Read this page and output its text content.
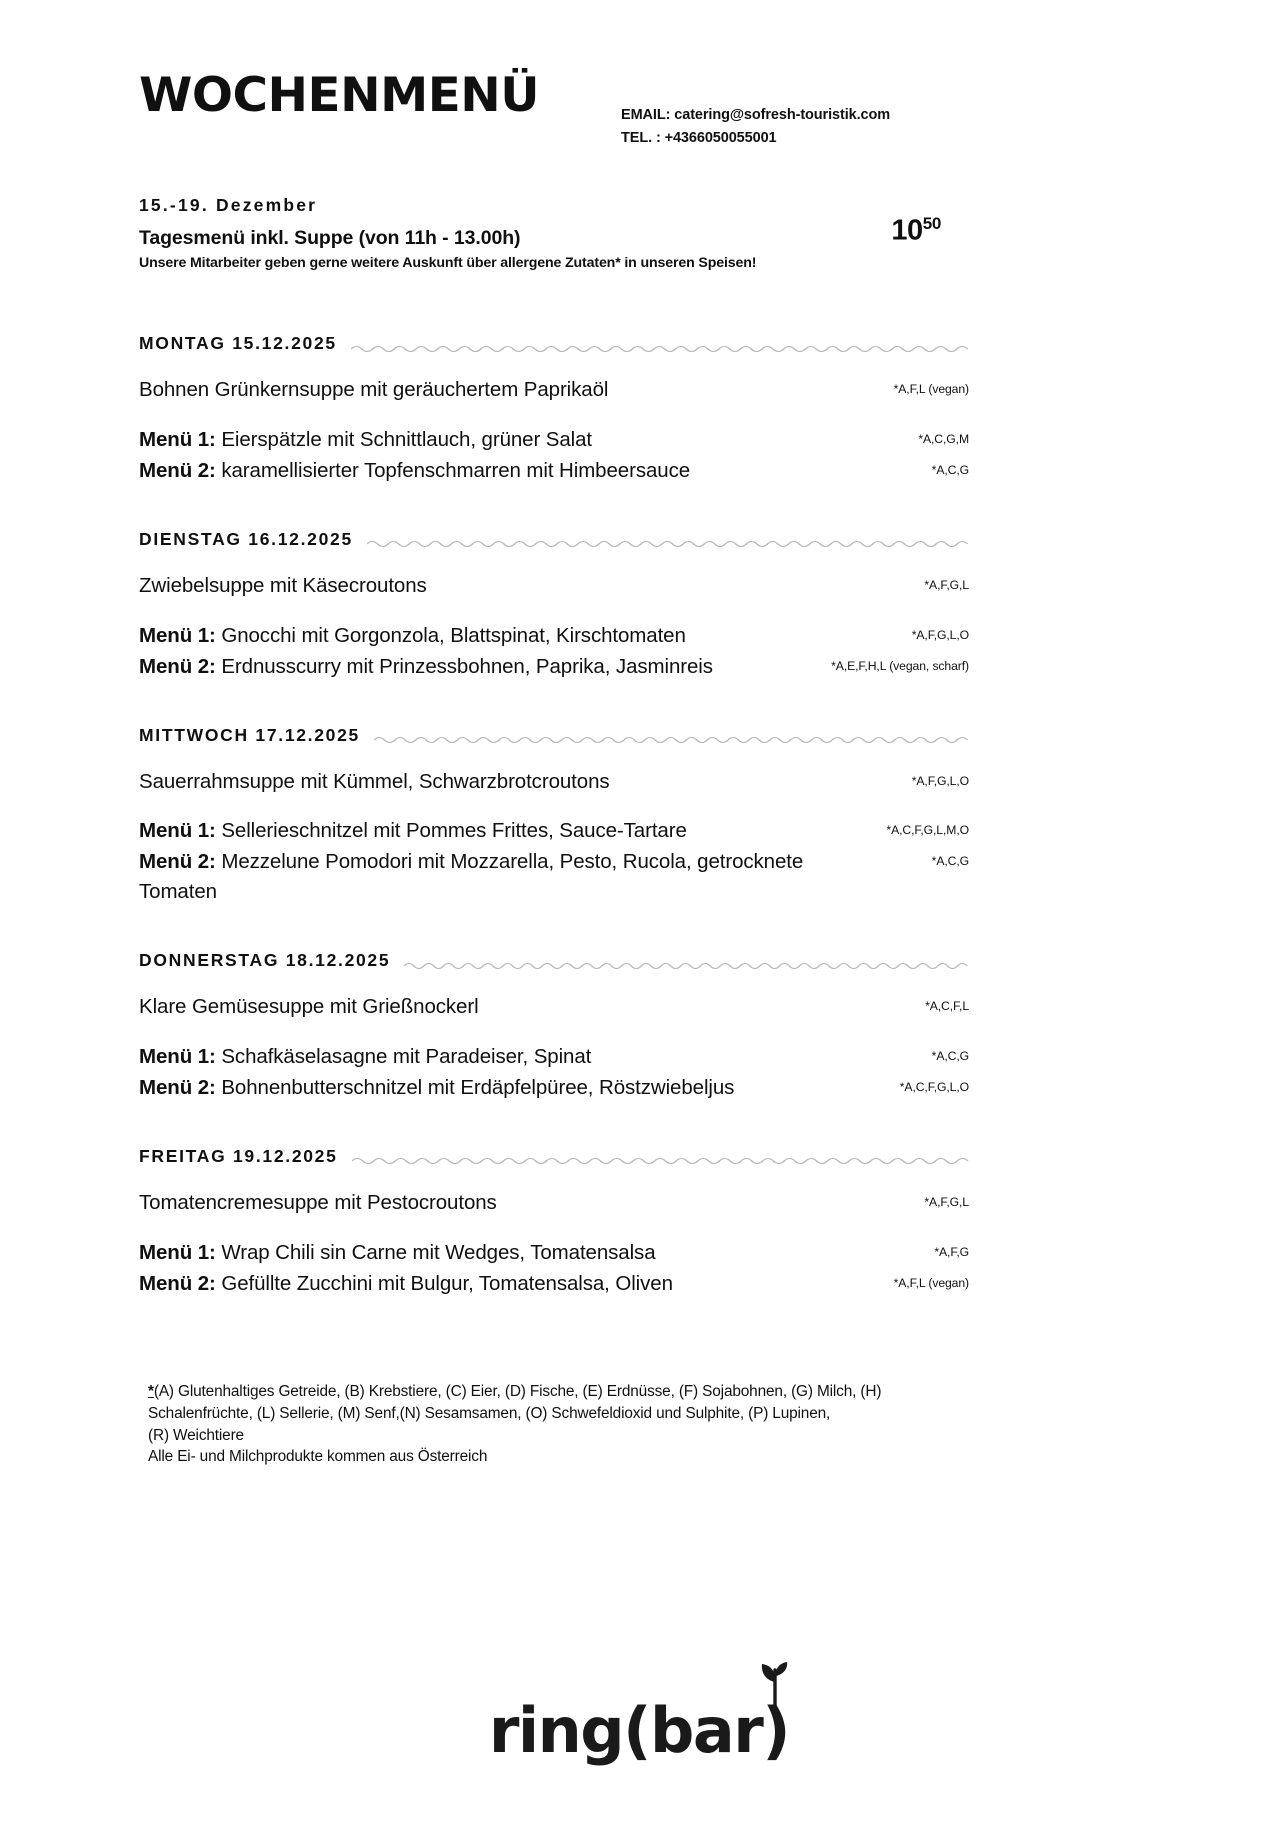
WOCHENMENÜ	EMAIL: catering@sofresh-touristik.com
TEL. : +4366050055001
15.-19. Dezember
Tagesmenü inkl. Suppe (von 11h - 13.00h)
Unsere Mitarbeiter geben gerne weitere Auskunft über allergene Zutaten* in unseren Speisen!
$10^{50}$
MONTAG 15.12.2025
Bohnen Grünkernsuppe mit geräuchertem Paprikaöl	*A,F,L (vegan)
Menü 1: Eierspätzle mit Schnittlauch, grüner Salat	*A,C,G,M
Menü 2: karamellisierter Topfenschmarren mit Himbeersauce	*A,C,G
DIENSTAG 16.12.2025
Zwiebelsuppe mit Käsecroutons	*A,F,G,L
Menü 1: Gnocchi mit Gorgonzola, Blattspinat, Kirschtomaten	*A,F,G,L,O
Menü 2: Erdnusscurry mit Prinzessbohnen, Paprika, Jasminreis	*A,E,F,H,L (vegan, scharf)
MITTWOCH 17.12.2025
Sauerrahmsuppe mit Kümmel, Schwarzbrotcroutons	*A,F,G,L,O
Menü 1: Sellerieschnitzel mit Pommes Frittes, Sauce-Tartare	*A,C,F,G,L,M,O
Menü 2: Mezzelune Pomodori mit Mozzarella, Pesto, Rucola, getrocknete Tomaten
*A,C,G
DONNERSTAG 18.12.2025
Klare Gemüsesuppe mit Grießnockerl	*A,C,F,L
Menü 1: Schafkäselasagne mit Paradeiser, Spinat	*A,C,G
Menü 2: Bohnenbutterschnitzel mit Erdäpfelpüree, Röstzwiebeljus	*A,C,F,G,L,O
FREITAG 19.12.2025
Tomatencremesuppe mit Pestocroutons	*A,F,G,L
Menü 1: Wrap Chili sin Carne mit Wedges, Tomatensalsa	*A,F,G
Menü 2: Gefüllte Zucchini mit Bulgur, Tomatensalsa, Oliven	*A,F,L (vegan)
*(A) Glutenhaltiges Getreide, (B) Krebstiere, (C) Eier, (D) Fische, (E) Erdnüsse, (F) Sojabohnen, (G) Milch, (H)
Schalenfrüchte, (L) Sellerie, (M) Senf,(N) Sesamsamen, (O) Schwefeldioxid und Sulphite, (P) Lupinen,
(R) Weichtiere
Alle Ei- und Milchprodukte kommen aus Österreich
ring(bar)
